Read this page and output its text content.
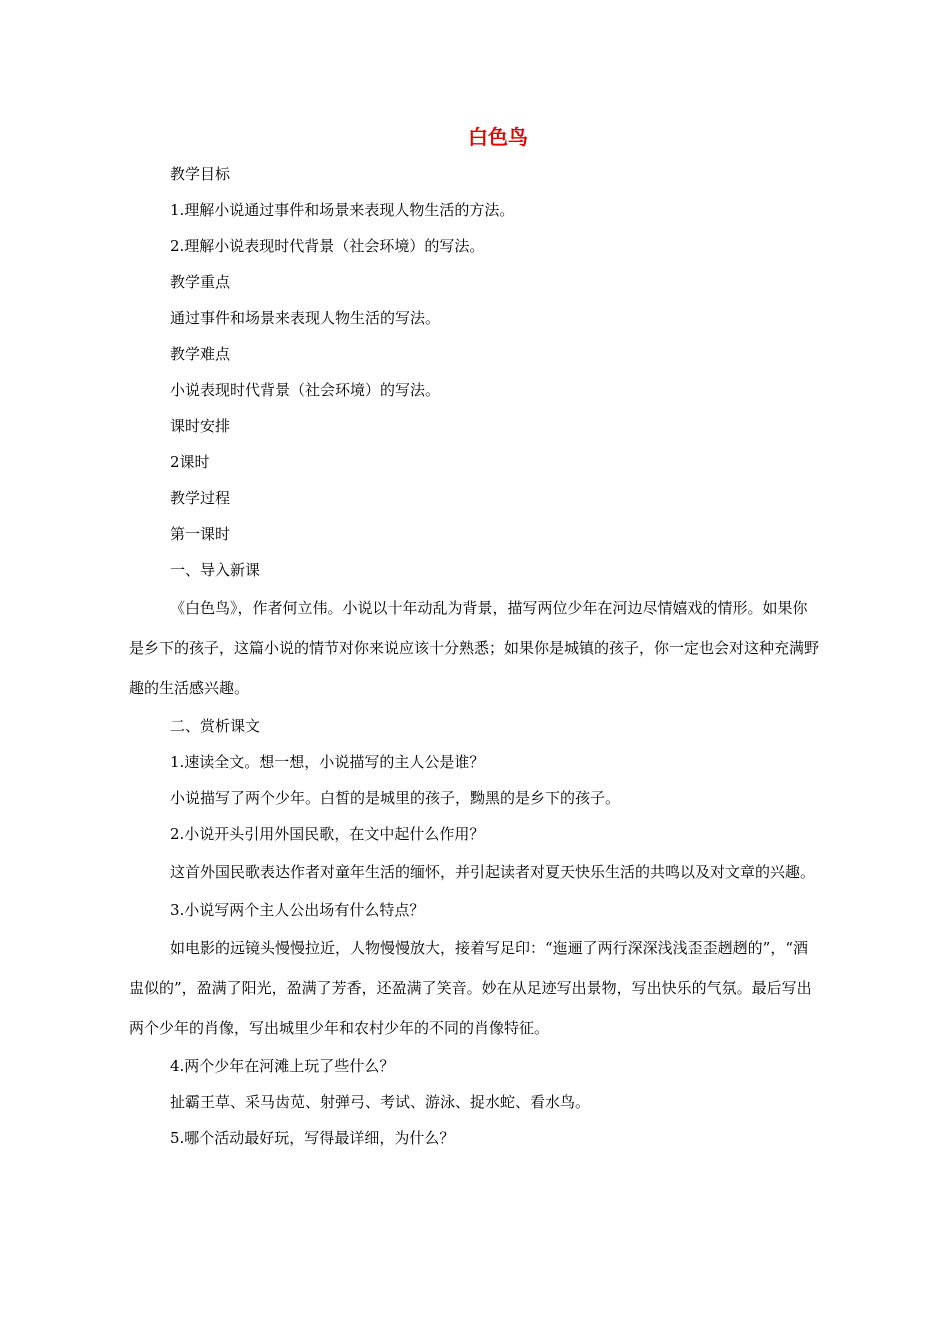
白色鸟

教学目标

1.理解小说通过事件和场景来表现人物生活的方法。

2.理解小说表现时代背景（社会环境）的写法。

教学重点

通过事件和场景来表现人物生活的写法。

教学难点

小说表现时代背景（社会环境）的写法。

课时安排

2课时

教学过程

第一课时

一、导入新课

《白色鸟》，作者何立伟。小说以十年动乱为背景，描写两位少年在河边尽情嬉戏的情形。如果你是乡下的孩子，这篇小说的情节对你来说应该十分熟悉；如果你是城镇的孩子，你一定也会对这种充满野趣的生活感兴趣。

二、赏析课文

1.速读全文。想一想，小说描写的主人公是谁？

小说描写了两个少年。白皙的是城里的孩子，黝黑的是乡下的孩子。

2.小说开头引用外国民歌，在文中起什么作用？

这首外国民歌表达作者对童年生活的缅怀，并引起读者对夏天快乐生活的共鸣以及对文章的兴趣。

3.小说写两个主人公出场有什么特点？

如电影的远镜头慢慢拉近，人物慢慢放大，接着写足印：“迤逦了两行深深浅浅歪歪趔趔的”，“酒盅似的”，盈满了阳光，盈满了芳香，还盈满了笑音。妙在从足迹写出景物，写出快乐的气氛。最后写出两个少年的肖像，写出城里少年和农村少年的不同的肖像特征。

4.两个少年在河滩上玩了些什么？

扯霸王草、采马齿苋、射弹弓、考试、游泳、捉水蛇、看水鸟。

5.哪个活动最好玩，写得最详细，为什么？
